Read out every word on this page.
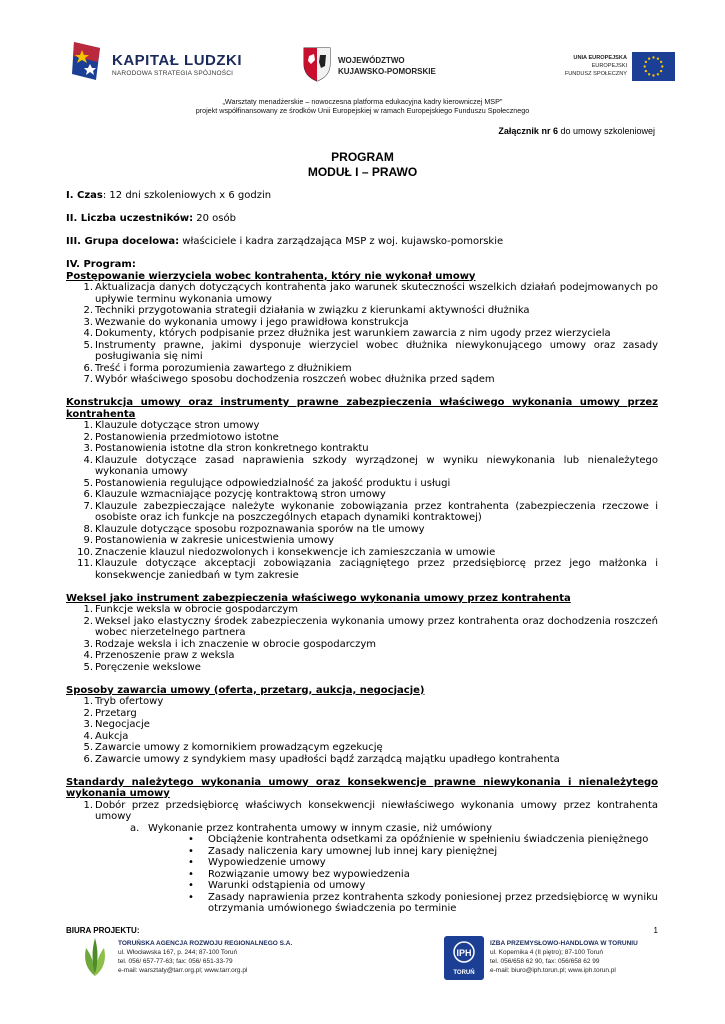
KAPITAŁ LUDZKI
NARODOWA STRATEGIA SPÓJNOŚCI
WOJEWÓDZTWO
KUJAWSKO-POMORSKIE
UNIA EUROPEJSKA
EUROPEJSKI
FUNDUSZ SPOŁECZNY
„Warsztaty menadżerskie – nowoczesna platforma edukacyjna kadry kierowniczej MSP"
projekt współfinansowany ze środków Unii Europejskiej w ramach Europejskiego Funduszu Społecznego
Załącznik nr 6 do umowy szkoleniowej
PROGRAM
MODUŁ I – PRAWO

I. Czas: 12 dni szkoleniowych x 6 godzin

II. Liczba uczestników: 20 osób

III. Grupa docelowa: właściciele i kadra zarządzająca MSP z woj. kujawsko-pomorskie

IV. Program:

Postępowanie wierzyciela wobec kontrahenta, który nie wykonał umowy

1. Aktualizacja danych dotyczących kontrahenta jako warunek skuteczności wszelkich działań podejmowanych po upływie terminu wykonania umowy
2. Techniki przygotowania strategii działania w związku z kierunkami aktywności dłużnika
3. Wezwanie do wykonania umowy i jego prawidłowa konstrukcja
4. Dokumenty, których podpisanie przez dłużnika jest warunkiem zawarcia z nim ugody przez wierzyciela
5. Instrumenty prawne, jakimi dysponuje wierzyciel wobec dłużnika niewykonującego umowy oraz zasady posługiwania się nimi
6. Treść i forma porozumienia zawartego z dłużnikiem
7. Wybór właściwego sposobu dochodzenia roszczeń wobec dłużnika przed sądem

Konstrukcja umowy oraz instrumenty prawne zabezpieczenia właściwego wykonania umowy przez kontrahenta

1. Klauzule dotyczące stron umowy
2. Postanowienia przedmiotowo istotne
3. Postanowienia istotne dla stron konkretnego kontraktu
4. Klauzule dotyczące zasad naprawienia szkody wyrządzonej w wyniku niewykonania lub nienależytego wykonania umowy
5. Postanowienia regulujące odpowiedzialność za jakość produktu i usługi
6. Klauzule wzmacniające pozycję kontraktową stron umowy
7. Klauzule zabezpieczające należyte wykonanie zobowiązania przez kontrahenta (zabezpieczenia rzeczowe i osobiste oraz ich funkcje na poszczególnych etapach dynamiki kontraktowej)
8. Klauzule dotyczące sposobu rozpoznawania sporów na tle umowy
9. Postanowienia w zakresie unicestwienia umowy
10. Znaczenie klauzul niedozwolonych i konsekwencje ich zamieszczania w umowie
11. Klauzule dotyczące akceptacji zobowiązania zaciągniętego przez przedsiębiorcę przez jego małżonka i konsekwencje zaniedbań w tym zakresie

Weksel jako instrument zabezpieczenia właściwego wykonania umowy przez kontrahenta

1. Funkcje weksla w obrocie gospodarczym
2. Weksel jako elastyczny środek zabezpieczenia wykonania umowy przez kontrahenta oraz dochodzenia roszczeń wobec nierzetelnego partnera
3. Rodzaje weksla i ich znaczenie w obrocie gospodarczym
4. Przenoszenie praw z weksla
5. Poręczenie wekslowe

Sposoby zawarcia umowy (oferta, przetarg, aukcja, negocjacje)

1. Tryb ofertowy
2. Przetarg
3. Negocjacje
4. Aukcja
5. Zawarcie umowy z komornikiem prowadzącym egzekucję
6. Zawarcie umowy z syndykiem masy upadłości bądź zarządcą majątku upadłego kontrahenta

Standardy należytego wykonania umowy oraz konsekwencje prawne niewykonania i nienależytego wykonania umowy

1. Dobór przez przedsiębiorcę właściwych konsekwencji niewłaściwego wykonania umowy przez kontrahenta umowy
a. Wykonanie przez kontrahenta umowy w innym czasie, niż umówiony
• Obciążenie kontrahenta odsetkami za opóźnienie w spełnieniu świadczenia pieniężnego
• Zasady naliczenia kary umownej lub innej kary pieniężnej
• Wypowiedzenie umowy
• Rozwiązanie umowy bez wypowiedzenia
• Warunki odstąpienia od umowy
• Zasady naprawienia przez kontrahenta szkody poniesionej przez przedsiębiorcę w wyniku otrzymania umówionego świadczenia po terminie
BIURA PROJEKTU:	1
TORUŃSKA AGENCJA ROZWOJU REGIONALNEGO S.A.
ul. Włocławska 167, p. 244; 87-100 Toruń
tel. 056/ 657-77-63; fax: 056/ 651-33-79
e-mail: warsztaty@tarr.org.pl; www.tarr.org.pl
IPH
TORUŃ
IZBA PRZEMYSŁOWO-HANDLOWA W TORUNIU
ul. Kopernika 4 (II piętro); 87-100 Toruń
tel. 056/658 62 90, fax: 056/658 62 99
e-mail: biuro@iph.torun.pl; www.iph.torun.pl
